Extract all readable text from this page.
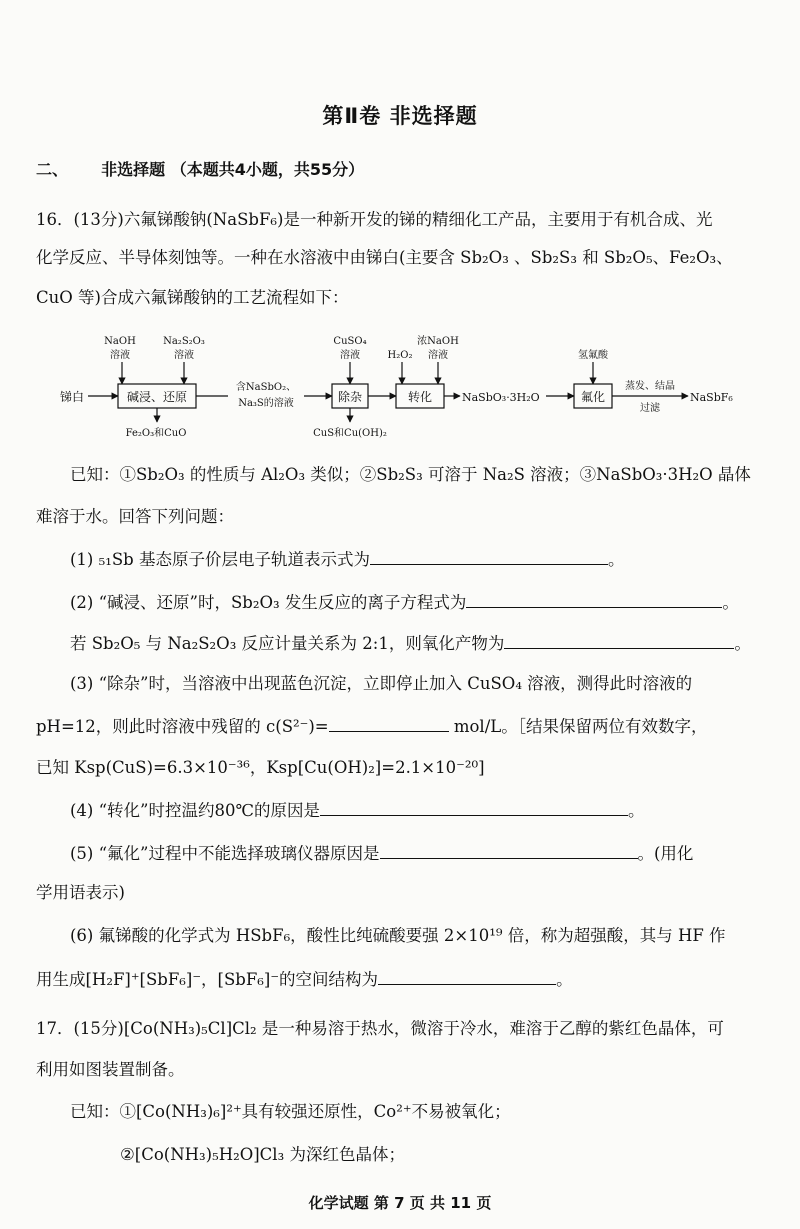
第Ⅱ卷 非选择题
二、 非选择题 （本题共4小题，共55分）
16．(13分)六氟锑酸钠(NaSbF₆)是一种新开发的锑的精细化工产品，主要用于有机合成、光
化学反应、半导体刻蚀等。一种在水溶液中由锑白(主要含 Sb₂O₃ 、Sb₂S₃ 和 Sb₂O₅、Fe₂O₃、
CuO 等)合成六氟锑酸钠的工艺流程如下：
锑白	碱浸、还原
NaOH
溶液
Na₂S₂O₃
溶液
Fe₂O₃和CuO
含NaSbO₂、
Na₃S的溶液	除杂
CuSO₄
溶液
CuS和Cu(OH)₂
转化
H₂O₂
浓NaOH
溶液
NaSbO₃·3H₂O	氟化
氢氟酸
蒸发、结晶
过滤
NaSbF₆
已知：①Sb₂O₃ 的性质与 Al₂O₃ 类似；②Sb₂S₃ 可溶于 Na₂S 溶液；③NaSbO₃·3H₂O 晶体
难溶于水。回答下列问题：
(1) ₅₁Sb 基态原子价层电子轨道表示式为	。
(2) “碱浸、还原”时，Sb₂O₃ 发生反应的离子方程式为	。
若 Sb₂O₅ 与 Na₂S₂O₃ 反应计量关系为 2:1，则氧化产物为	。
(3) “除杂”时，当溶液中出现蓝色沉淀，立即停止加入 CuSO₄ 溶液，测得此时溶液的
pH=12，则此时溶液中残留的 c(S²⁻)=	mol/L。［结果保留两位有效数字，
已知 Ksp(CuS)=6.3×10⁻³⁶，Ksp[Cu(OH)₂]=2.1×10⁻²⁰]
(4) “转化”时控温约80℃的原因是	。
(5) “氟化”过程中不能选择玻璃仪器原因是	。(用化
学用语表示)
(6) 氟锑酸的化学式为 HSbF₆，酸性比纯硫酸要强 2×10¹⁹ 倍，称为超强酸，其与 HF 作
用生成[H₂F]⁺[SbF₆]⁻，[SbF₆]⁻的空间结构为	。
17．(15分)[Co(NH₃)₅Cl]Cl₂ 是一种易溶于热水，微溶于冷水，难溶于乙醇的紫红色晶体，可
利用如图装置制备。
已知：①[Co(NH₃)₆]²⁺具有较强还原性，Co²⁺不易被氧化；
②[Co(NH₃)₅H₂O]Cl₃ 为深红色晶体；
化学试题 第 7 页 共 11 页
